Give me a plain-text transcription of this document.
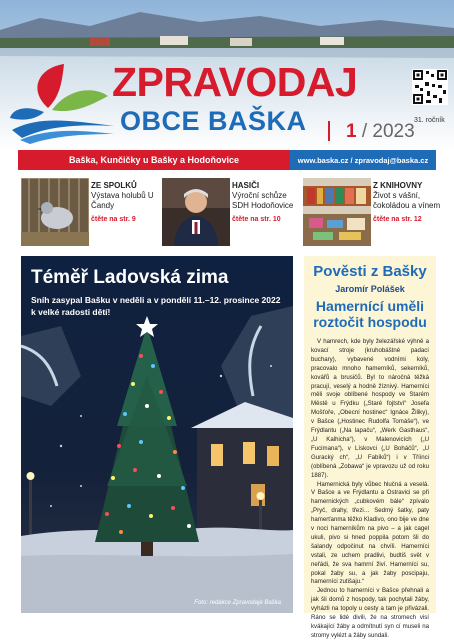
ZPRAVODAJ
OBCE BAŠKA 1 / 2023
31. ročník
Baška, Kunčičky u Bašky a Hodoňovice	www.baska.cz / zpravodaj@baska.cz
ZE SPOLKŮ
Výstava holubů U Čandy
čtěte na str. 9
HASIČI
Výroční schůze SDH Hodoňovice
čtěte na str. 10
Z KNIHOVNY
Život s vášní, čokoládou a vínem
čtěte na str. 12
Téměř Ladovská zima
Sníh zasypal Bašku v neděli a v pondělí 11.–12. prosince 2022 k velké radosti dětí!
Foto: redakce Zpravodaje Baška
Pověsti z Bašky
Jaromír Polášek
Hamernící uměli roztočit hospodu

V hamrech, kde byly železářské výhně a kovací stroje (kruhobáštné padací buchary), vybavené vodními koly, pracovalo mnoho hamerníků, sekerníků, kovářů a brusičů. Byl to náročná těžká pracují, veselý a hodně žíznivý. Hamerníci měli svoje oblíbené hospody ve Starém Městě u Frýdku („Staré fojtství“ Josefa Mošťoře, „Obecní hostinec“ Ignáce Žiliky), v Bašce („Hostinec Rudolfa Tomáše“), ve Frýdlantu („Na lapaču“, „Werk Gasthaus“, „U Kalhicha“), v Malenovicích („U Fucimana“), v Lískovci („U Boháčů“, „U Guracký ch“, „U Fabíků“) i v Tříinci (oblíbená „Zobawa“ je vpravozu už od roku 1887).

Hamernická byly vůbec hlučná a veselá. V Bašce a ve Frýdlantu a Ostravici se při hamernických „cubkovém bále“ zpívalo „Pryč, drahy, třezi… Sedmý šatky, paty hamerťanma těžko Kladivo, ono bije ve dne v noci hamerníkům na pivo – a jak cagel ukuli, pivo si hned poppila potom šli do šalandy odpočinut na chvíli. Hamerníci vstali, ze uchem pradlivi, budtiš svět v neřádi, že sva hamrní živí. Hamerníci su, pokal žaby su, a jak žaby poscipaju, hamerníci zutišaju.“

Jednou to hamerníci v Bašce přehnali a jak šli domů z hospody, tak pochytali žáby, vyházli na topoly u cesty a tam je přivázali. Ráno se lidé divili, že na stromech visí kvákající žáby a odmítnutí syn cí museli na stromy vylézt a žáby sundali.
